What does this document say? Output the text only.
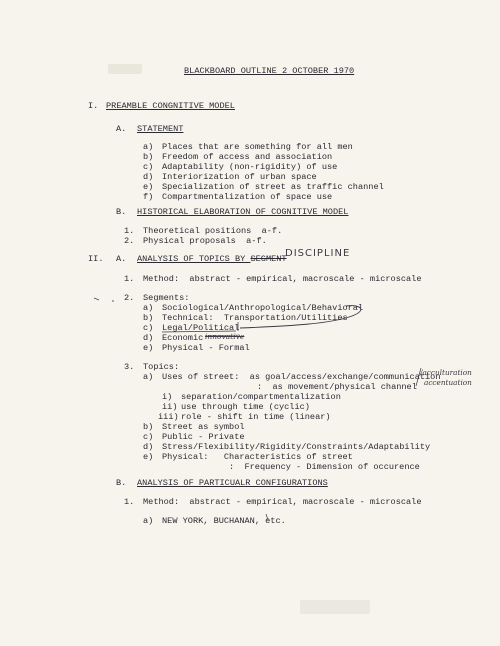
BLACKBOARD OUTLINE 2 OCTOBER 1970
I. PREAMBLE CONGNITIVE MODEL
A. STATEMENT
a) Places that are something for all men
b) Freedom of access and association
c) Adaptability (non-rigidity) of use
d) Interiorization of urban space
e) Specialization of street as traffic channel
f) Compartmentalization of space use
B. HISTORICAL ELABORATION OF COGNITIVE MODEL
1. Theoretical positions  a-f.
2. Physical proposals  a-f.
II. A. ANALYSIS OF TOPICS BY SEGMENT
DISCIPLINE
1. Method:  abstract - empirical, macroscale - microscale
2. Segments:
a) Sociological/Anthropological/Behavioral
b) Technical:  Transportation/Utilities
c) Legal/Political
d) Economic innovative
e) Physical - Formal
3. Topics:
a) Uses of street:  as goal/access/exchange/communication
/acculturation
accentuation
:  as movement/physical channel
i) separation/compartmentalization
ii) use through time (cyclic)
iii) role - shift in time (linear)
b) Street as symbol
c) Public - Private
d) Stress/Flexibility/Rigidity/Constraints/Adaptability
e) Physical:   Characteristics of street
:  Frequency - Dimension of occurence
B. ANALYSIS OF PARTICUALR CONFIGURATIONS
1. Method:  abstract - empirical, macroscale - microscale
a) NEW YORK, BUCHANAN, etc.
